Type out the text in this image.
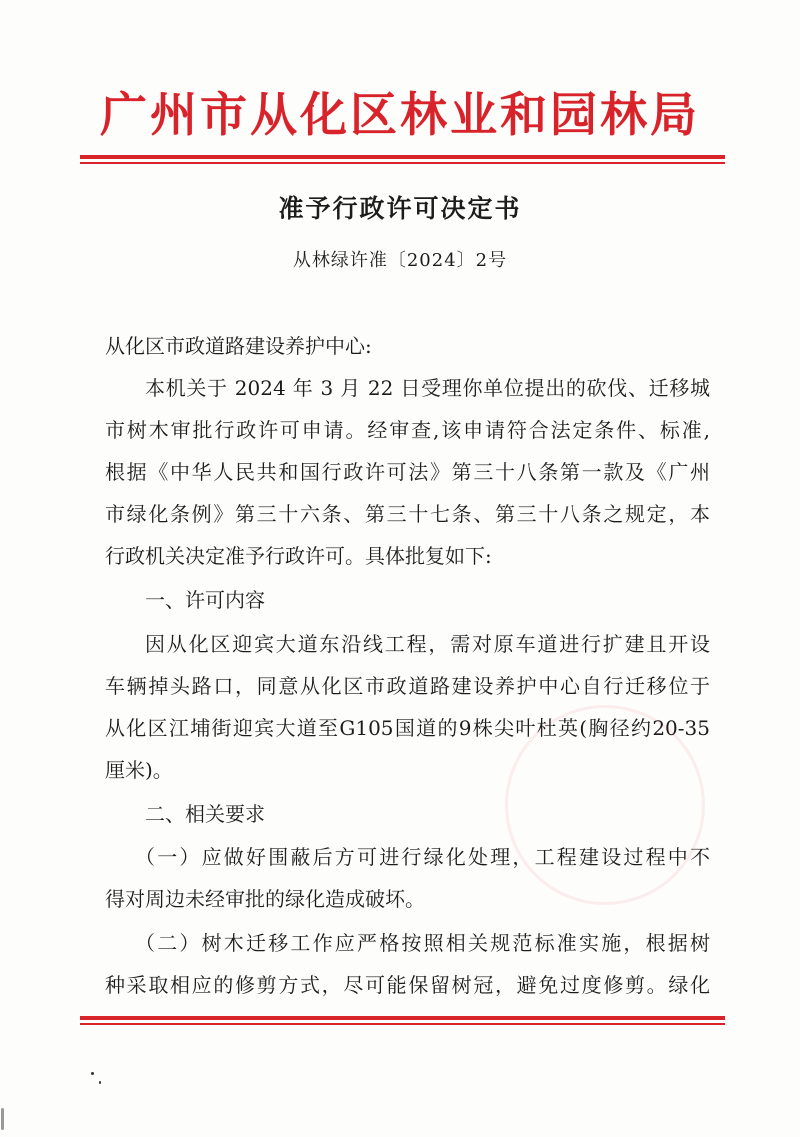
广州市从化区林业和园林局
准予行政许可决定书
从林绿许准〔2024〕2号
从化区市政道路建设养护中心:
本机关于 2024 年 3 月 22 日受理你单位提出的砍伐、迁移城
市树木审批行政许可申请。经审查,该申请符合法定条件、标准,
根据《中华人民共和国行政许可法》第三十八条第一款及《广州
市绿化条例》第三十六条、第三十七条、第三十八条之规定，本
行政机关决定准予行政许可。具体批复如下:
一、许可内容
因从化区迎宾大道东沿线工程，需对原车道进行扩建且开设
车辆掉头路口，同意从化区市政道路建设养护中心自行迁移位于
从化区江埔街迎宾大道至G105国道的9株尖叶杜英(胸径约20-35
厘米)。
二、相关要求
（一）应做好围蔽后方可进行绿化处理，工程建设过程中不
得对周边未经审批的绿化造成破坏。
（二）树木迁移工作应严格按照相关规范标准实施，根据树
种采取相应的修剪方式，尽可能保留树冠，避免过度修剪。绿化
